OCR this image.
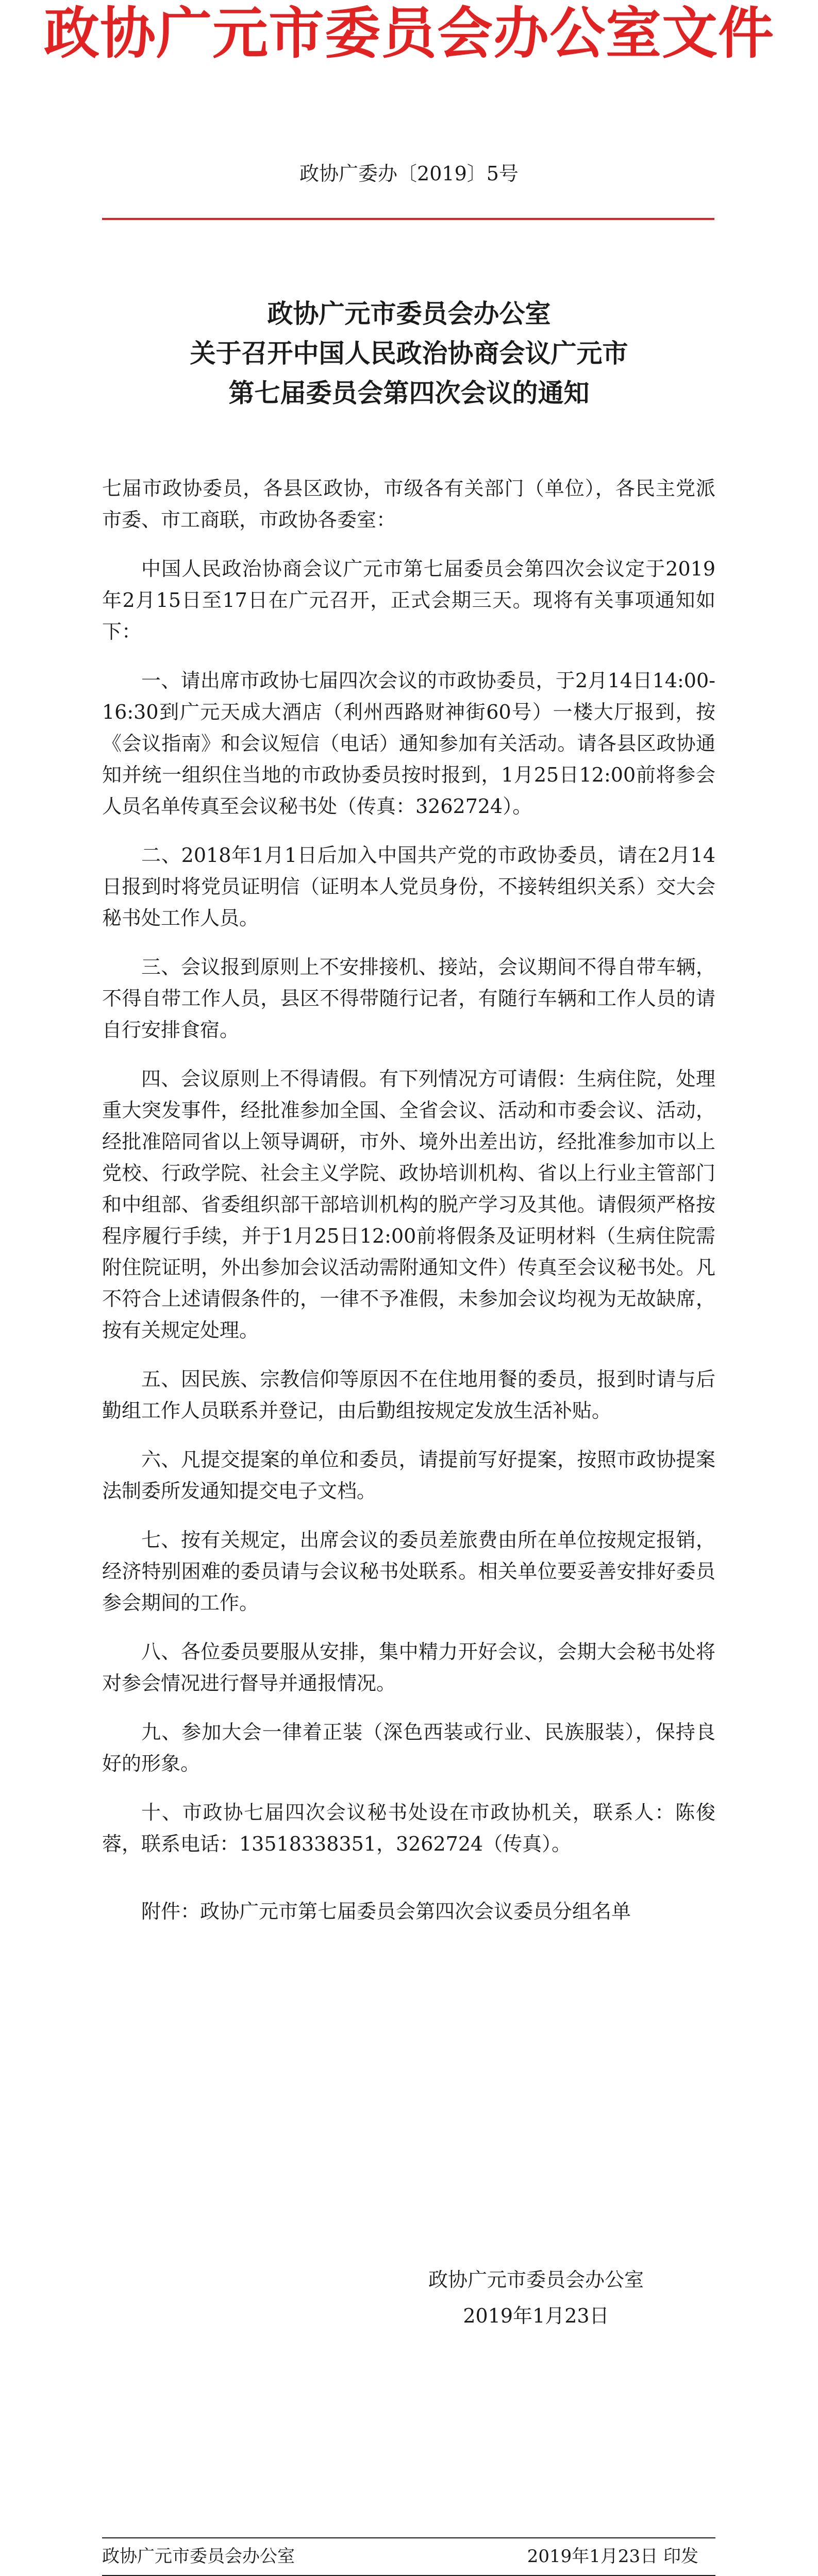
政协广元市委员会办公室文件
政协广委办〔2019〕5号
政协广元市委员会办公室
关于召开中国人民政治协商会议广元市
第七届委员会第四次会议的通知

七届市政协委员，各县区政协，市级各有关部门（单位），各民主党派市委、市工商联，市政协各委室：

中国人民政治协商会议广元市第七届委员会第四次会议定于2019年2月15日至17日在广元召开，正式会期三天。现将有关事项通知如下：

一、请出席市政协七届四次会议的市政协委员，于2月14日14:00-16:30到广元天成大酒店（利州西路财神街60号）一楼大厅报到，按《会议指南》和会议短信（电话）通知参加有关活动。请各县区政协通知并统一组织住当地的市政协委员按时报到，1月25日12:00前将参会人员名单传真至会议秘书处（传真：3262724）。

二、2018年1月1日后加入中国共产党的市政协委员，请在2月14日报到时将党员证明信（证明本人党员身份，不接转组织关系）交大会秘书处工作人员。

三、会议报到原则上不安排接机、接站，会议期间不得自带车辆，不得自带工作人员，县区不得带随行记者，有随行车辆和工作人员的请自行安排食宿。

四、会议原则上不得请假。有下列情况方可请假：生病住院，处理重大突发事件，经批准参加全国、全省会议、活动和市委会议、活动，经批准陪同省以上领导调研，市外、境外出差出访，经批准参加市以上党校、行政学院、社会主义学院、政协培训机构、省以上行业主管部门和中组部、省委组织部干部培训机构的脱产学习及其他。请假须严格按程序履行手续，并于1月25日12:00前将假条及证明材料（生病住院需附住院证明，外出参加会议活动需附通知文件）传真至会议秘书处。凡不符合上述请假条件的，一律不予准假，未参加会议均视为无故缺席，按有关规定处理。

五、因民族、宗教信仰等原因不在住地用餐的委员，报到时请与后勤组工作人员联系并登记，由后勤组按规定发放生活补贴。

六、凡提交提案的单位和委员，请提前写好提案，按照市政协提案法制委所发通知提交电子文档。

七、按有关规定，出席会议的委员差旅费由所在单位按规定报销，经济特别困难的委员请与会议秘书处联系。相关单位要妥善安排好委员参会期间的工作。

八、各位委员要服从安排，集中精力开好会议，会期大会秘书处将对参会情况进行督导并通报情况。

九、参加大会一律着正装（深色西装或行业、民族服装），保持良好的形象。

十、市政协七届四次会议秘书处设在市政协机关，联系人：陈俊蓉，联系电话：13518338351，3262724（传真）。

附件：政协广元市第七届委员会第四次会议委员分组名单

政协广元市委员会办公室
2019年1月23日
政协广元市委员会办公室	2019年1月23日 印发
